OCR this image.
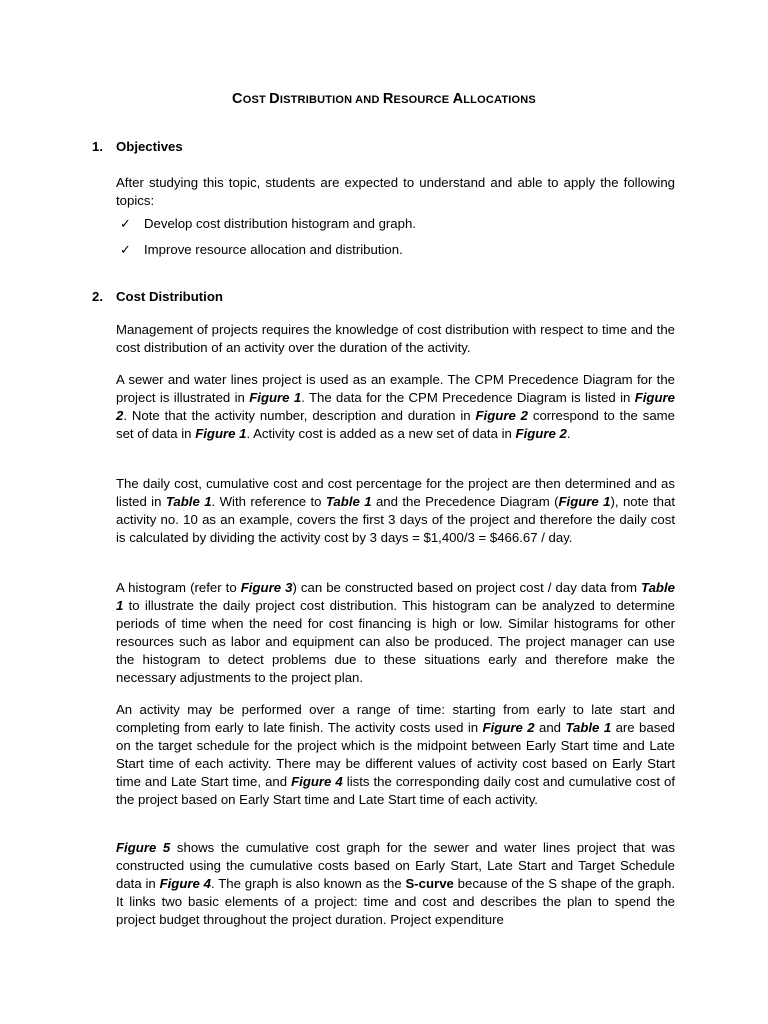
COST DISTRIBUTION AND RESOURCE ALLOCATIONS
1. Objectives
After studying this topic, students are expected to understand and able to apply the following topics:
✓ Develop cost distribution histogram and graph.
✓ Improve resource allocation and distribution.
2. Cost Distribution
Management of projects requires the knowledge of cost distribution with respect to time and the cost distribution of an activity over the duration of the activity.
A sewer and water lines project is used as an example. The CPM Precedence Diagram for the project is illustrated in Figure 1. The data for the CPM Precedence Diagram is listed in Figure 2. Note that the activity number, description and duration in Figure 2 correspond to the same set of data in Figure 1. Activity cost is added as a new set of data in Figure 2.
The daily cost, cumulative cost and cost percentage for the project are then determined and as listed in Table 1. With reference to Table 1 and the Precedence Diagram (Figure 1), note that activity no. 10 as an example, covers the first 3 days of the project and therefore the daily cost is calculated by dividing the activity cost by 3 days = $1,400/3 = $466.67 / day.
A histogram (refer to Figure 3) can be constructed based on project cost / day data from Table 1 to illustrate the daily project cost distribution. This histogram can be analyzed to determine periods of time when the need for cost financing is high or low. Similar histograms for other resources such as labor and equipment can also be produced. The project manager can use the histogram to detect problems due to these situations early and therefore make the necessary adjustments to the project plan.
An activity may be performed over a range of time: starting from early to late start and completing from early to late finish. The activity costs used in Figure 2 and Table 1 are based on the target schedule for the project which is the midpoint between Early Start time and Late Start time of each activity. There may be different values of activity cost based on Early Start time and Late Start time, and Figure 4 lists the corresponding daily cost and cumulative cost of the project based on Early Start time and Late Start time of each activity.
Figure 5 shows the cumulative cost graph for the sewer and water lines project that was constructed using the cumulative costs based on Early Start, Late Start and Target Schedule data in Figure 4. The graph is also known as the S-curve because of the S shape of the graph. It links two basic elements of a project: time and cost and describes the plan to spend the project budget throughout the project duration. Project expenditure
